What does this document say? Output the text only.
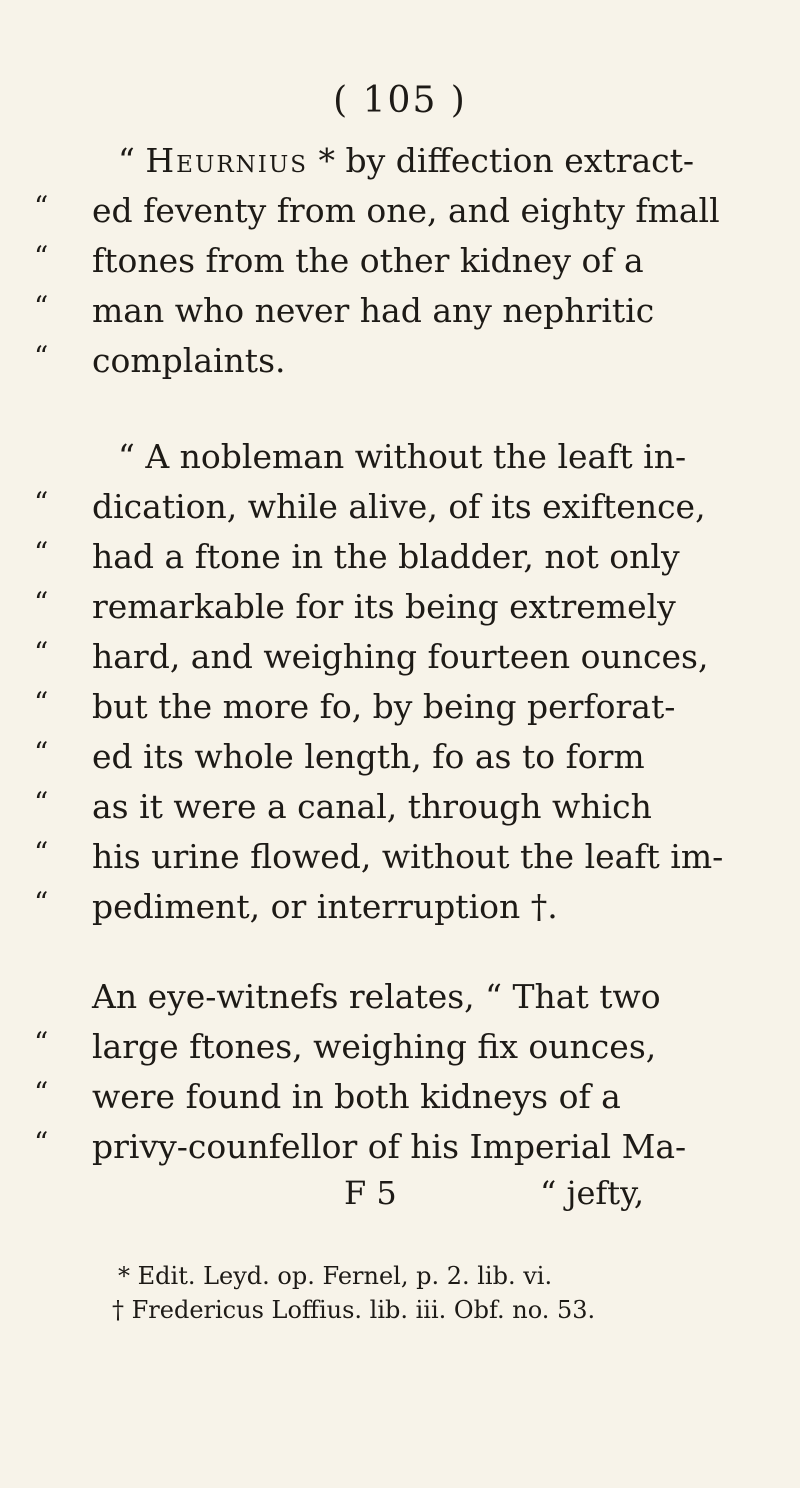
( 105 )
“ Heurnius * by diffection extract-
“ ed feventy from one, and eighty fmall
“ ftones from the other kidney of a
“ man who never had any nephritic
“ complaints.
“ A nobleman without the leaft in-
“ dication, while alive, of its exiftence,
“ had a ftone in the bladder, not only
“ remarkable for its being extremely
“ hard, and weighing fourteen ounces,
“ but the more fo, by being perforat-
“ ed its whole length, fo as to form
“ as it were a canal, through which
“ his urine flowed, without the leaft im-
“ pediment, or interruption †.
An eye-witnefs relates, “ That two
“ large ftones, weighing fix ounces,
“ were found in both kidneys of a
“ privy-counfellor of his Imperial Ma-
F 5	“ jefty,
* Edit. Leyd. op. Fernel, p. 2. lib. vi.
† Fredericus Loffius. lib. iii. Obf. no. 53.
